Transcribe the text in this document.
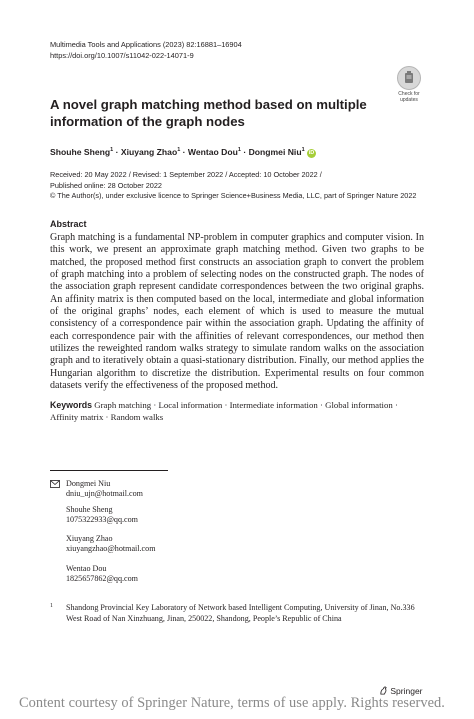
Multimedia Tools and Applications (2023) 82:16881–16904
https://doi.org/10.1007/s11042-022-14071-9
Check for
updates
A novel graph matching method based on multiple information of the graph nodes
Shouhe Sheng$^1$ · Xiuyang Zhao$^1$ · Wentao Dou$^1$ · Dongmei Niu$^1$ iD
Received: 20 May 2022 / Revised: 1 September 2022 / Accepted: 10 October 2022 /
Published online: 28 October 2022
© The Author(s), under exclusive licence to Springer Science+Business Media, LLC, part of Springer Nature 2022
Abstract

Graph matching is a fundamental NP-problem in computer graphics and computer vision. In this work, we present an approximate graph matching method. Given two graphs to be matched, the proposed method first constructs an association graph to convert the problem of graph matching into a problem of selecting nodes on the constructed graph. The nodes of the association graph represent candidate correspondences between the two original graphs. An affinity matrix is then computed based on the local, intermediate and global information of the original graphs’ nodes, each element of which is used to measure the mutual consistency of a correspondence pair within the association graph. Updating the affinity of each correspondence pair with the affinities of relevant correspondences, our method then utilizes the reweighted random walks strategy to simulate random walks on the association graph and to iteratively obtain a quasi-stationary distribution. Finally, our method applies the Hungarian algorithm to discretize the distribution. Experimental results on four common datasets verify the effectiveness of the proposed method.

Keywords Graph matching · Local information · Intermediate information · Global information · Affinity matrix · Random walks
Dongmei Niu
dniu_ujn@hotmail.com
Shouhe Sheng
1075322933@qq.com
Xiuyang Zhao
xiuyangzhao@hotmail.com
Wentao Dou
1825657862@qq.com
1 Shandong Provincial Key Laboratory of Network based Intelligent Computing, University of Jinan, No.336 West Road of Nan Xinzhuang, Jinan, 250022, Shandong, People’s Republic of China
Springer
Content courtesy of Springer Nature, terms of use apply. Rights reserved.
